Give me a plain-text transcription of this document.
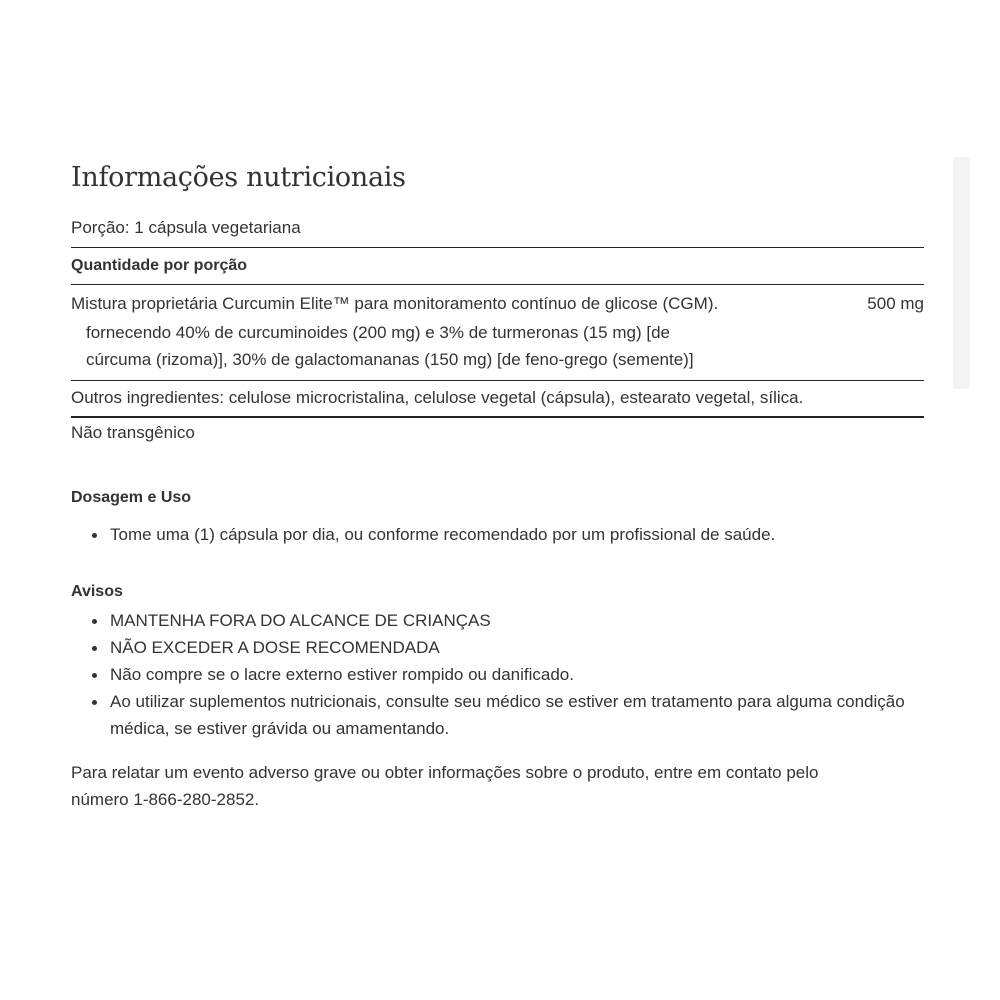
Informações nutricionais
Porção: 1 cápsula vegetariana
Quantidade por porção
Mistura proprietária Curcumin Elite™ para monitoramento contínuo de glicose (CGM).	500 mg
fornecendo 40% de curcuminoides (200 mg) e 3% de turmeronas (15 mg) [de cúrcuma (rizoma)], 30% de galactomananas (150 mg) [de feno-grego (semente)]
Outros ingredientes: celulose microcristalina, celulose vegetal (cápsula), estearato vegetal, sílica.
Não transgênico
Dosagem e Uso
Tome uma (1) cápsula por dia, ou conforme recomendado por um profissional de saúde.
Avisos
MANTENHA FORA DO ALCANCE DE CRIANÇAS
NÃO EXCEDER A DOSE RECOMENDADA
Não compre se o lacre externo estiver rompido ou danificado.
Ao utilizar suplementos nutricionais, consulte seu médico se estiver em tratamento para alguma condição médica, se estiver grávida ou amamentando.
Para relatar um evento adverso grave ou obter informações sobre o produto, entre em contato pelo número 1-866-280-2852.
